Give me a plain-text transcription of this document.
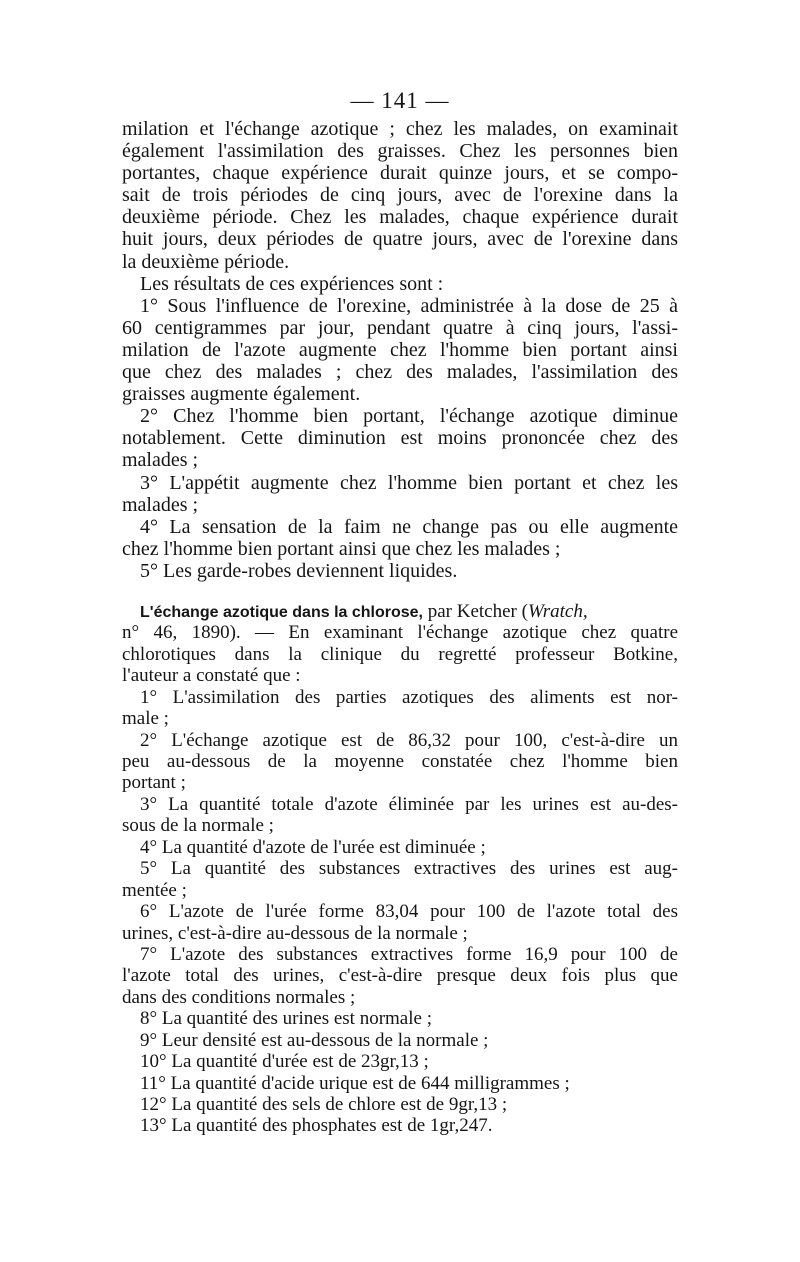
— 141 —
milation et l'échange azotique ; chez les malades, on examinait
également l'assimilation des graisses. Chez les personnes bien
portantes, chaque expérience durait quinze jours, et se compo-
sait de trois périodes de cinq jours, avec de l'orexine dans la
deuxième période. Chez les malades, chaque expérience durait
huit jours, deux périodes de quatre jours, avec de l'orexine dans
la deuxième période.
Les résultats de ces expériences sont :
1° Sous l'influence de l'orexine, administrée à la dose de 25 à
60 centigrammes par jour, pendant quatre à cinq jours, l'assi-
milation de l'azote augmente chez l'homme bien portant ainsi
que chez des malades ; chez des malades, l'assimilation des
graisses augmente également.
2° Chez l'homme bien portant, l'échange azotique diminue
notablement. Cette diminution est moins prononcée chez des
malades ;
3° L'appétit augmente chez l'homme bien portant et chez les
malades ;
4° La sensation de la faim ne change pas ou elle augmente
chez l'homme bien portant ainsi que chez les malades ;
5° Les garde-robes deviennent liquides.
L'échange azotique dans la chlorose, par Ketcher (Wratch,
n° 46, 1890). — En examinant l'échange azotique chez quatre
chlorotiques dans la clinique du regretté professeur Botkine,
l'auteur a constaté que :
1° L'assimilation des parties azotiques des aliments est nor-
male ;
2° L'échange azotique est de 86,32 pour 100, c'est-à-dire un
peu au-dessous de la moyenne constatée chez l'homme bien
portant ;
3° La quantité totale d'azote éliminée par les urines est au-des-
sous de la normale ;
4° La quantité d'azote de l'urée est diminuée ;
5° La quantité des substances extractives des urines est aug-
mentée ;
6° L'azote de l'urée forme 83,04 pour 100 de l'azote total des
urines, c'est-à-dire au-dessous de la normale ;
7° L'azote des substances extractives forme 16,9 pour 100 de
l'azote total des urines, c'est-à-dire presque deux fois plus que
dans des conditions normales ;
8° La quantité des urines est normale ;
9° Leur densité est au-dessous de la normale ;
10° La quantité d'urée est de 23gr,13 ;
11° La quantité d'acide urique est de 644 milligrammes ;
12° La quantité des sels de chlore est de 9gr,13 ;
13° La quantité des phosphates est de 1gr,247.
